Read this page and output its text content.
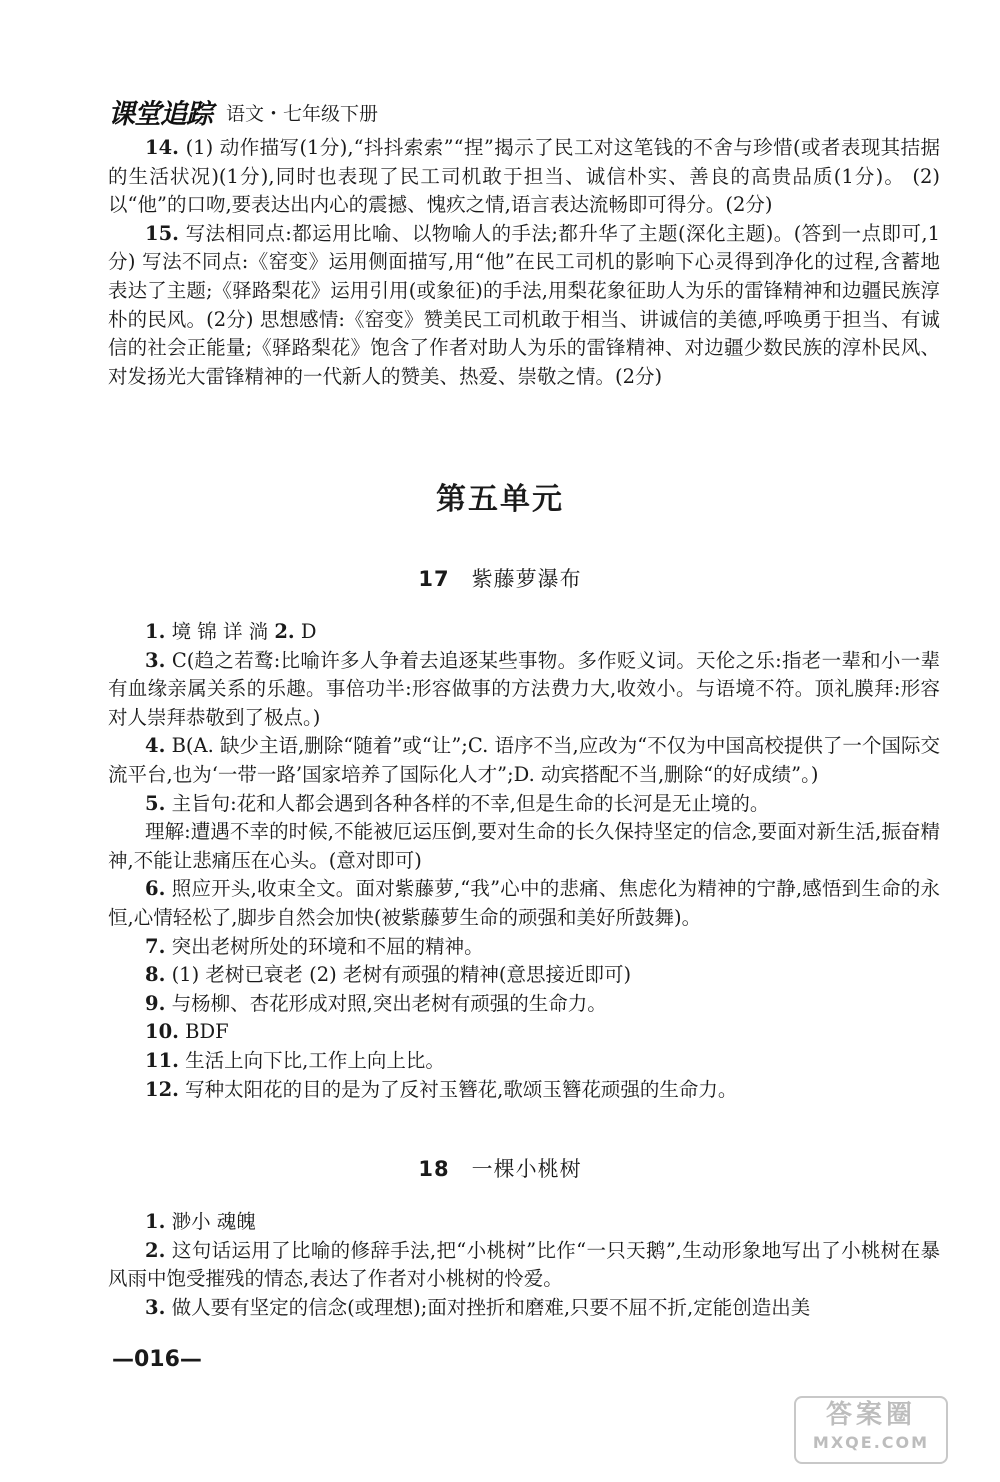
课堂追踪 语文・七年级下册

14. (1) 动作描写(1分),“抖抖索索”“捏”揭示了民工对这笔钱的不舍与珍惜(或者表现其拮据的生活状况)(1分),同时也表现了民工司机敢于担当、诚信朴实、善良的高贵品质(1分)。 (2) 以“他”的口吻,要表达出内心的震撼、愧疚之情,语言表达流畅即可得分。(2分)

15. 写法相同点:都运用比喻、以物喻人的手法;都升华了主题(深化主题)。(答到一点即可,1分) 写法不同点:《窑变》运用侧面描写,用“他”在民工司机的影响下心灵得到净化的过程,含蓄地表达了主题;《驿路梨花》运用引用(或象征)的手法,用梨花象征助人为乐的雷锋精神和边疆民族淳朴的民风。(2分) 思想感情:《窑变》赞美民工司机敢于相当、讲诚信的美德,呼唤勇于担当、有诚信的社会正能量;《驿路梨花》饱含了作者对助人为乐的雷锋精神、对边疆少数民族的淳朴民风、对发扬光大雷锋精神的一代新人的赞美、热爱、崇敬之情。(2分)

第五单元
17 紫藤萝瀑布

1. 境 锦 详 淌 2. D

3. C(趋之若鹜:比喻许多人争着去追逐某些事物。多作贬义词。天伦之乐:指老一辈和小一辈有血缘亲属关系的乐趣。事倍功半:形容做事的方法费力大,收效小。与语境不符。顶礼膜拜:形容对人崇拜恭敬到了极点。)

4. B(A. 缺少主语,删除“随着”或“让”;C. 语序不当,应改为“不仅为中国高校提供了一个国际交流平台,也为‘一带一路’国家培养了国际化人才”;D. 动宾搭配不当,删除“的好成绩”。)

5. 主旨句:花和人都会遇到各种各样的不幸,但是生命的长河是无止境的。

理解:遭遇不幸的时候,不能被厄运压倒,要对生命的长久保持坚定的信念,要面对新生活,振奋精神,不能让悲痛压在心头。(意对即可)

6. 照应开头,收束全文。面对紫藤萝,“我”心中的悲痛、焦虑化为精神的宁静,感悟到生命的永恒,心情轻松了,脚步自然会加快(被紫藤萝生命的顽强和美好所鼓舞)。

7. 突出老树所处的环境和不屈的精神。

8. (1) 老树已衰老 (2) 老树有顽强的精神(意思接近即可)

9. 与杨柳、杏花形成对照,突出老树有顽强的生命力。

10. BDF

11. 生活上向下比,工作上向上比。

12. 写种太阳花的目的是为了反衬玉簪花,歌颂玉簪花顽强的生命力。

18 一棵小桃树

1. 渺小 魂魄

2. 这句话运用了比喻的修辞手法,把“小桃树”比作“一只天鹅”,生动形象地写出了小桃树在暴风雨中饱受摧残的情态,表达了作者对小桃树的怜爱。

3. 做人要有坚定的信念(或理想);面对挫折和磨难,只要不屈不折,定能创造出美

—016—
答案圈
MXQE.COM
